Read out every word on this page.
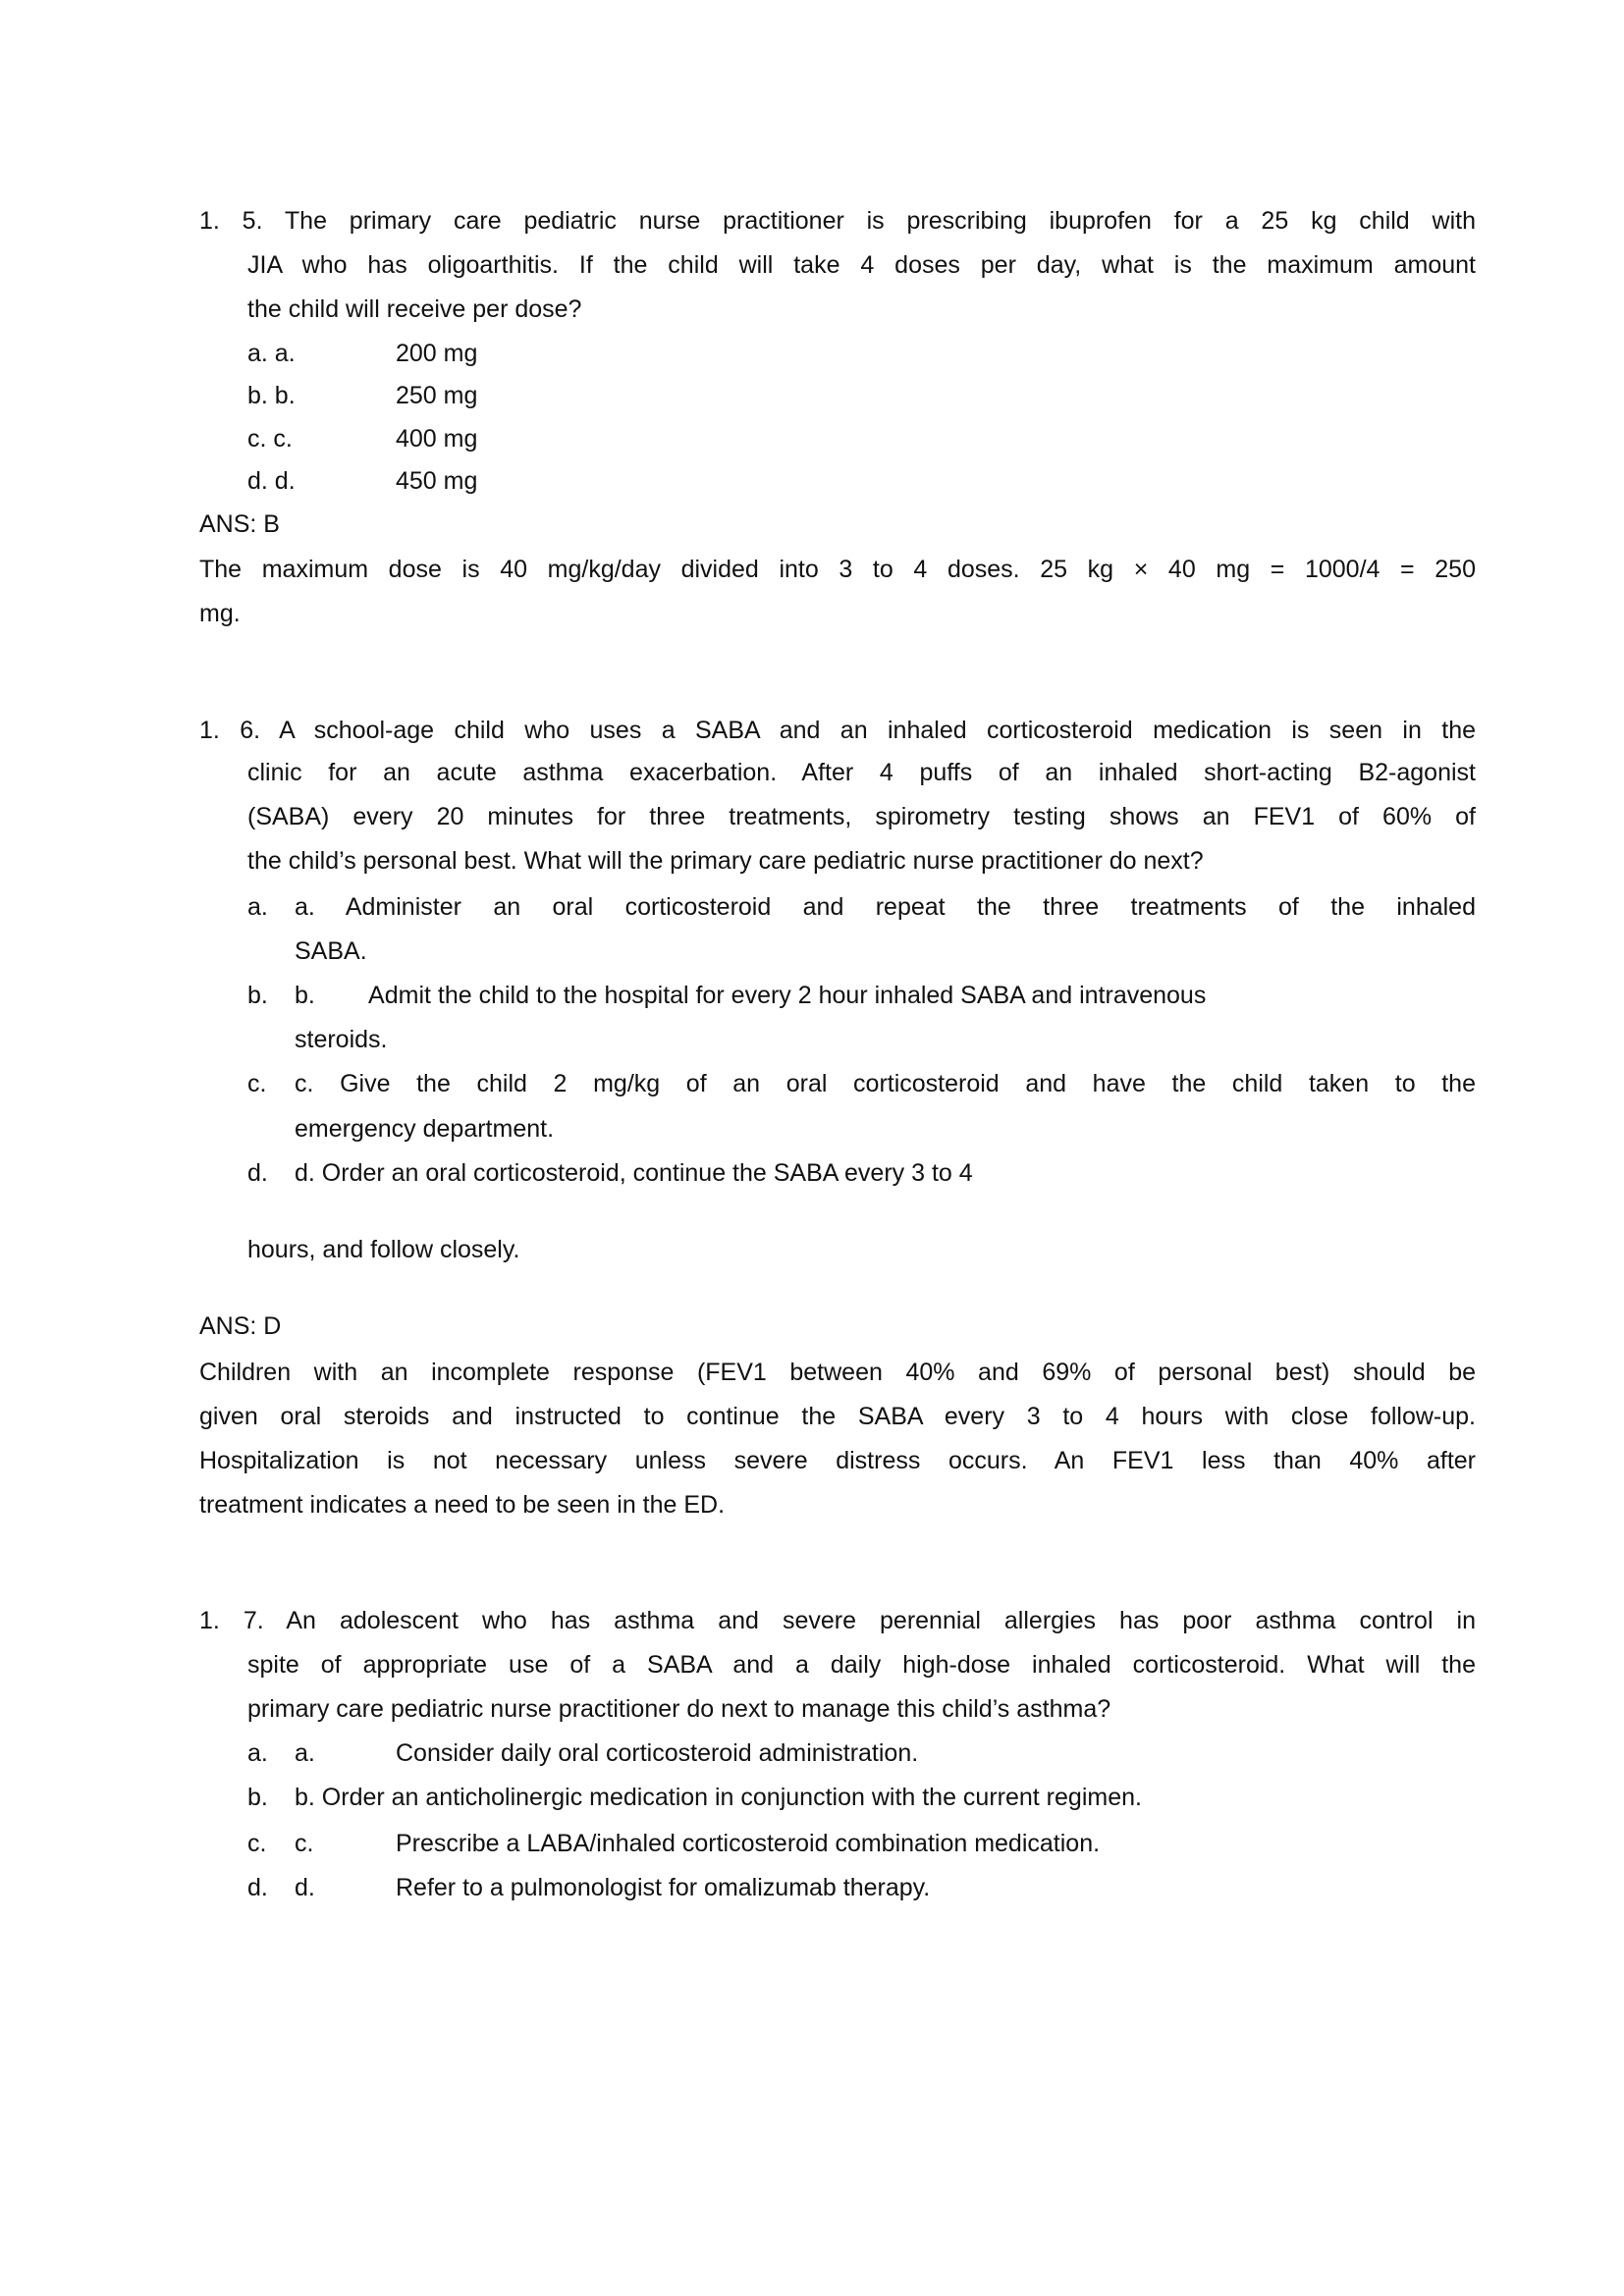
1. 5. The primary care pediatric nurse practitioner is prescribing ibuprofen for a 25 kg child with
JIA who has oligoarthitis. If the child will take 4 doses per day, what is the maximum amount
the child will receive per dose?
a. a.	200 mg
b. b.	250 mg
c. c.	400 mg
d. d.	450 mg
ANS: B
The maximum dose is 40 mg/kg/day divided into 3 to 4 doses. 25 kg × 40 mg = 1000/4 = 250
mg.
1. 6. A school-age child who uses a SABA and an inhaled corticosteroid medication is seen in the
clinic for an acute asthma exacerbation. After 4 puffs of an inhaled short-acting B2-agonist
(SABA) every 20 minutes for three treatments, spirometry testing shows an FEV1 of 60% of
the child’s personal best. What will the primary care pediatric nurse practitioner do next?
a. a. Administer an oral corticosteroid and repeat the three treatments of the inhaled
SABA.
b. b.        Admit the child to the hospital for every 2 hour inhaled SABA and intravenous
steroids.
c. c. Give the child 2 mg/kg of an oral corticosteroid and have the child taken to the
emergency department.
d. d. Order an oral corticosteroid, continue the SABA every 3 to 4
hours, and follow closely.
ANS: D
Children with an incomplete response (FEV1 between 40% and 69% of personal best) should be
given oral steroids and instructed to continue the SABA every 3 to 4 hours with close follow-up.
Hospitalization is not necessary unless severe distress occurs. An FEV1 less than 40% after
treatment indicates a need to be seen in the ED.
1. 7. An adolescent who has asthma and severe perennial allergies has poor asthma control in
spite of appropriate use of a SABA and a daily high-dose inhaled corticosteroid. What will the
primary care pediatric nurse practitioner do next to manage this child’s asthma?
a. a.	Consider daily oral corticosteroid administration.
b. b. Order an anticholinergic medication in conjunction with the current regimen.
c. c.	Prescribe a LABA/inhaled corticosteroid combination medication.
d. d.	Refer to a pulmonologist for omalizumab therapy.
